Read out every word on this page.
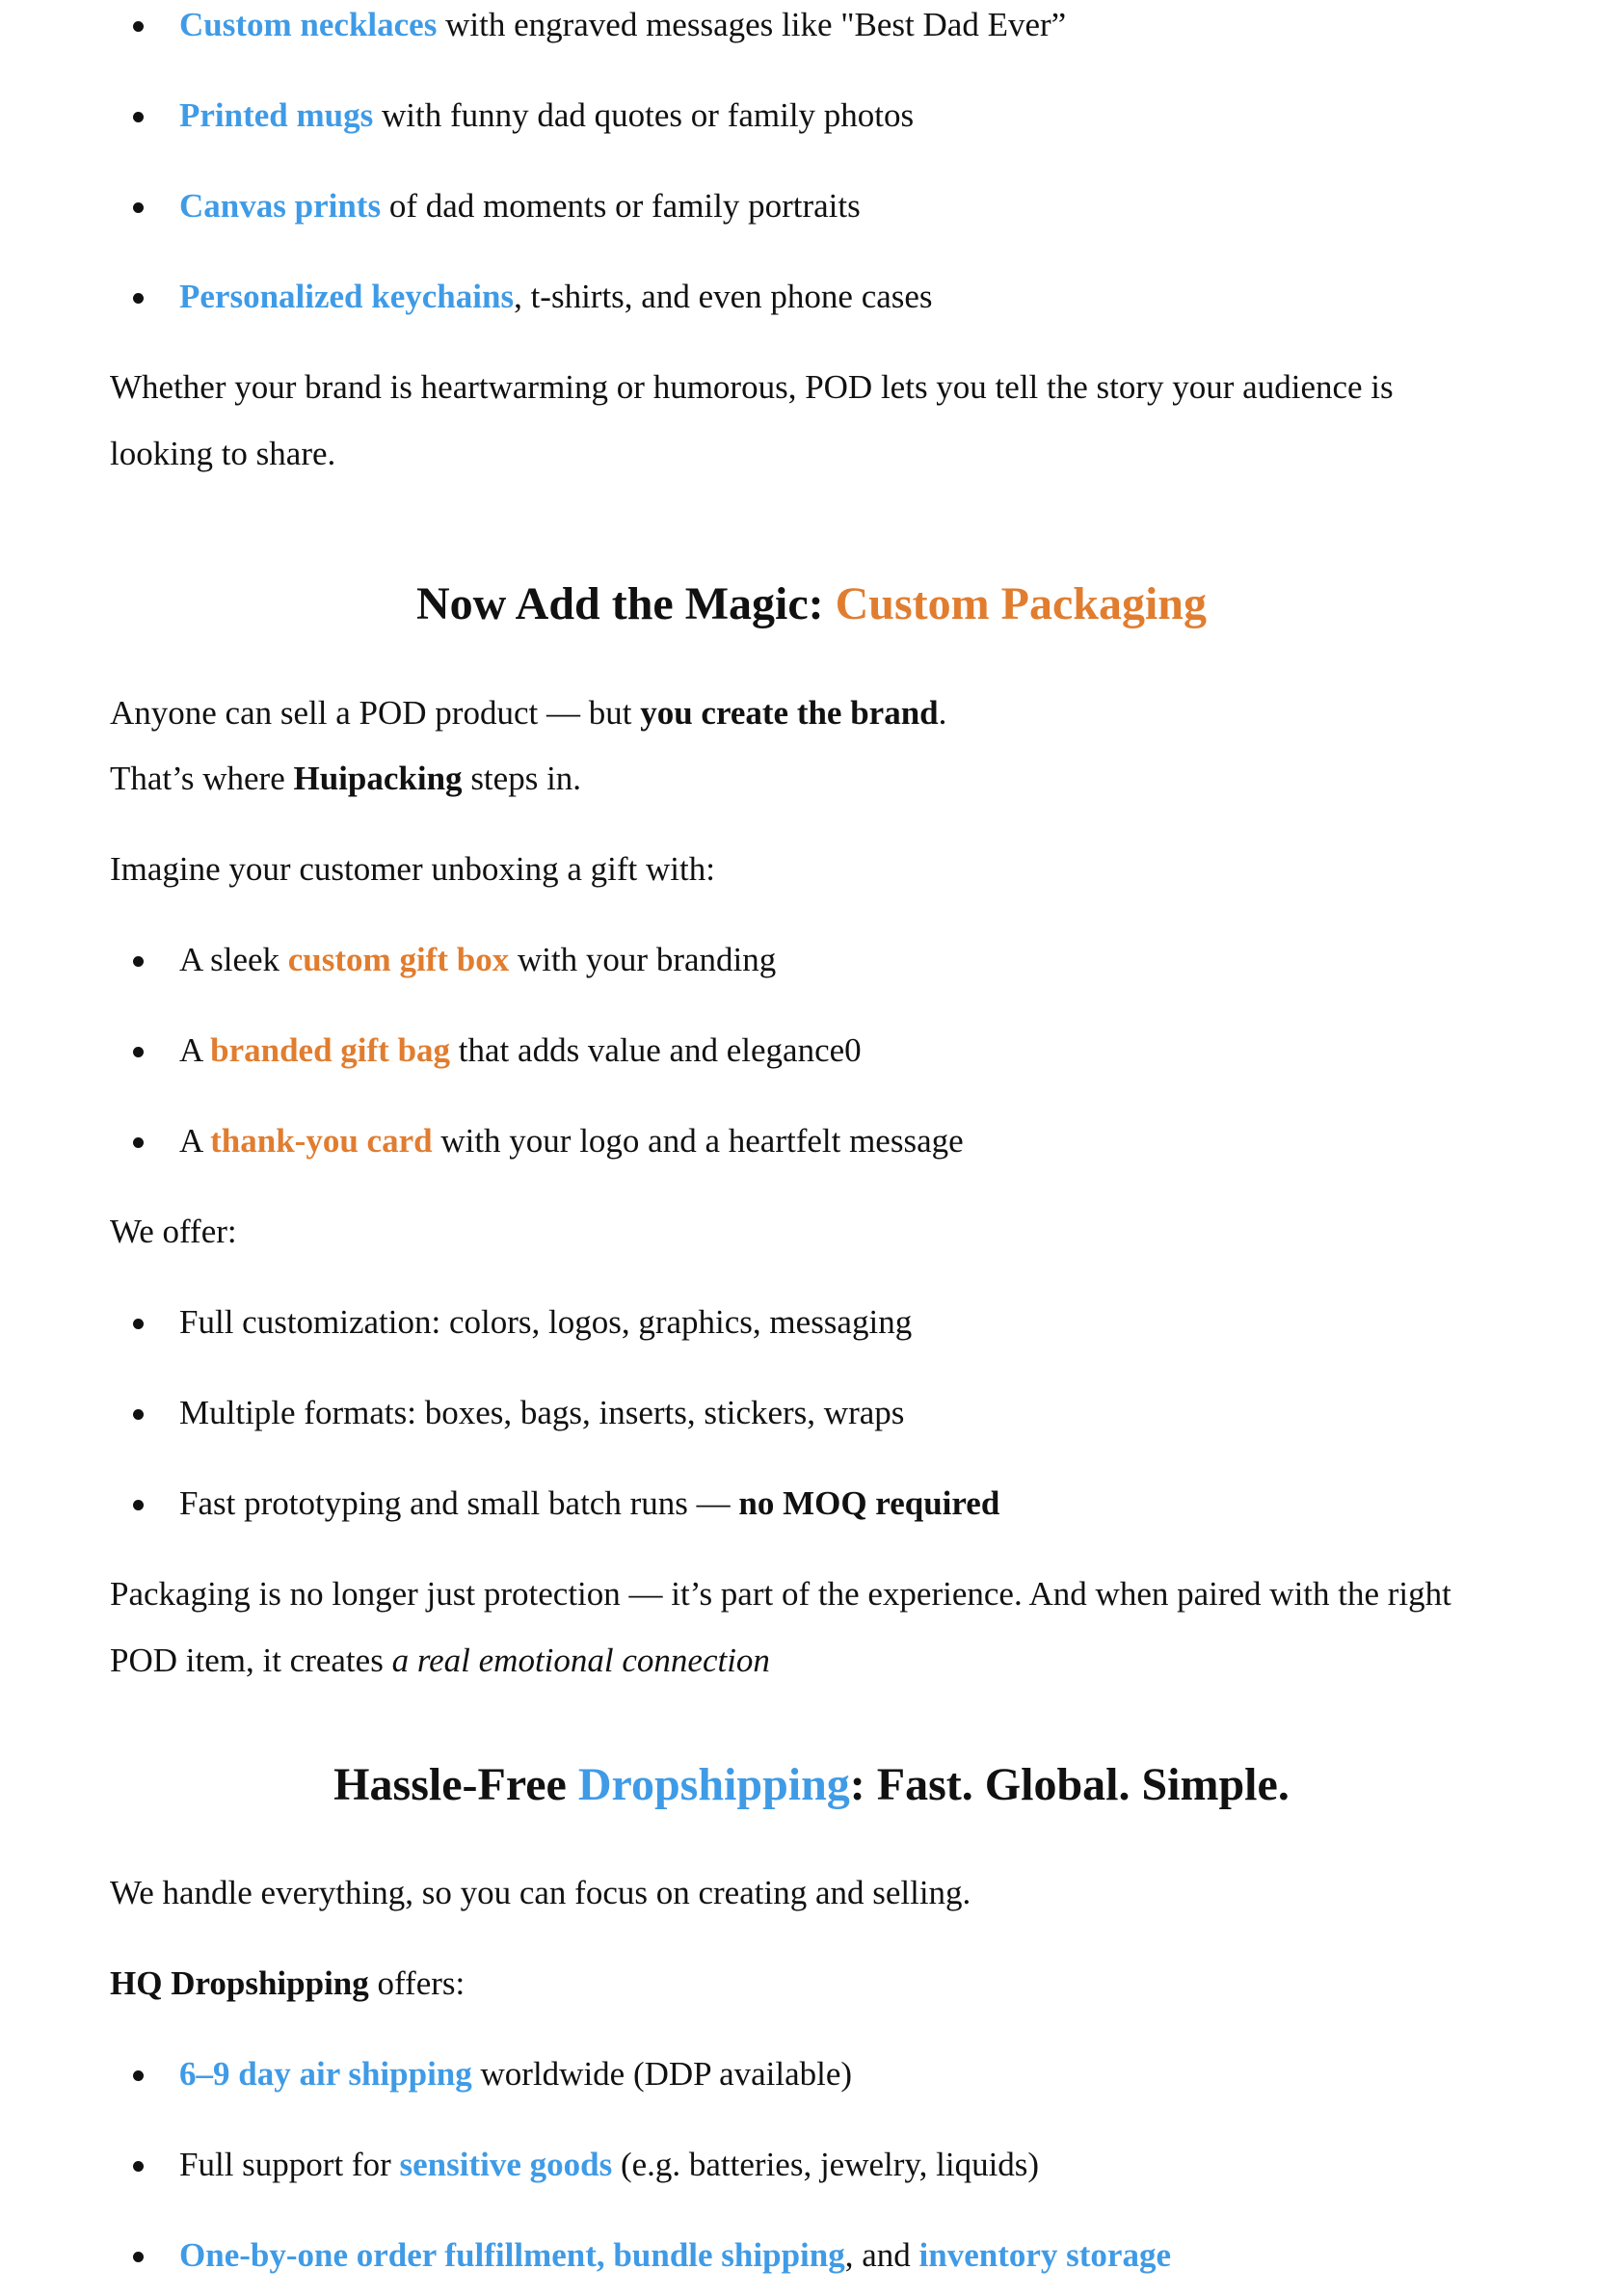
Custom necklaces with engraved messages like "Best Dad Ever”
Printed mugs with funny dad quotes or family photos
Canvas prints of dad moments or family portraits
Personalized keychains, t-shirts, and even phone cases
Whether your brand is heartwarming or humorous, POD lets you tell the story your audience is
looking to share.
Now Add the Magic: Custom Packaging
Anyone can sell a POD product — but you create the brand.
That’s where Huipacking steps in.
Imagine your customer unboxing a gift with:
A sleek custom gift box with your branding
A branded gift bag that adds value and elegance0
A thank-you card with your logo and a heartfelt message
We offer:
Full customization: colors, logos, graphics, messaging
Multiple formats: boxes, bags, inserts, stickers, wraps
Fast prototyping and small batch runs — no MOQ required
Packaging is no longer just protection — it’s part of the experience. And when paired with the right
POD item, it creates a real emotional connection
Hassle-Free Dropshipping: Fast. Global. Simple.
We handle everything, so you can focus on creating and selling.
HQ Dropshipping offers:
6–9 day air shipping worldwide (DDP available)
Full support for sensitive goods (e.g. batteries, jewelry, liquids)
One-by-one order fulfillment, bundle shipping, and inventory storage
